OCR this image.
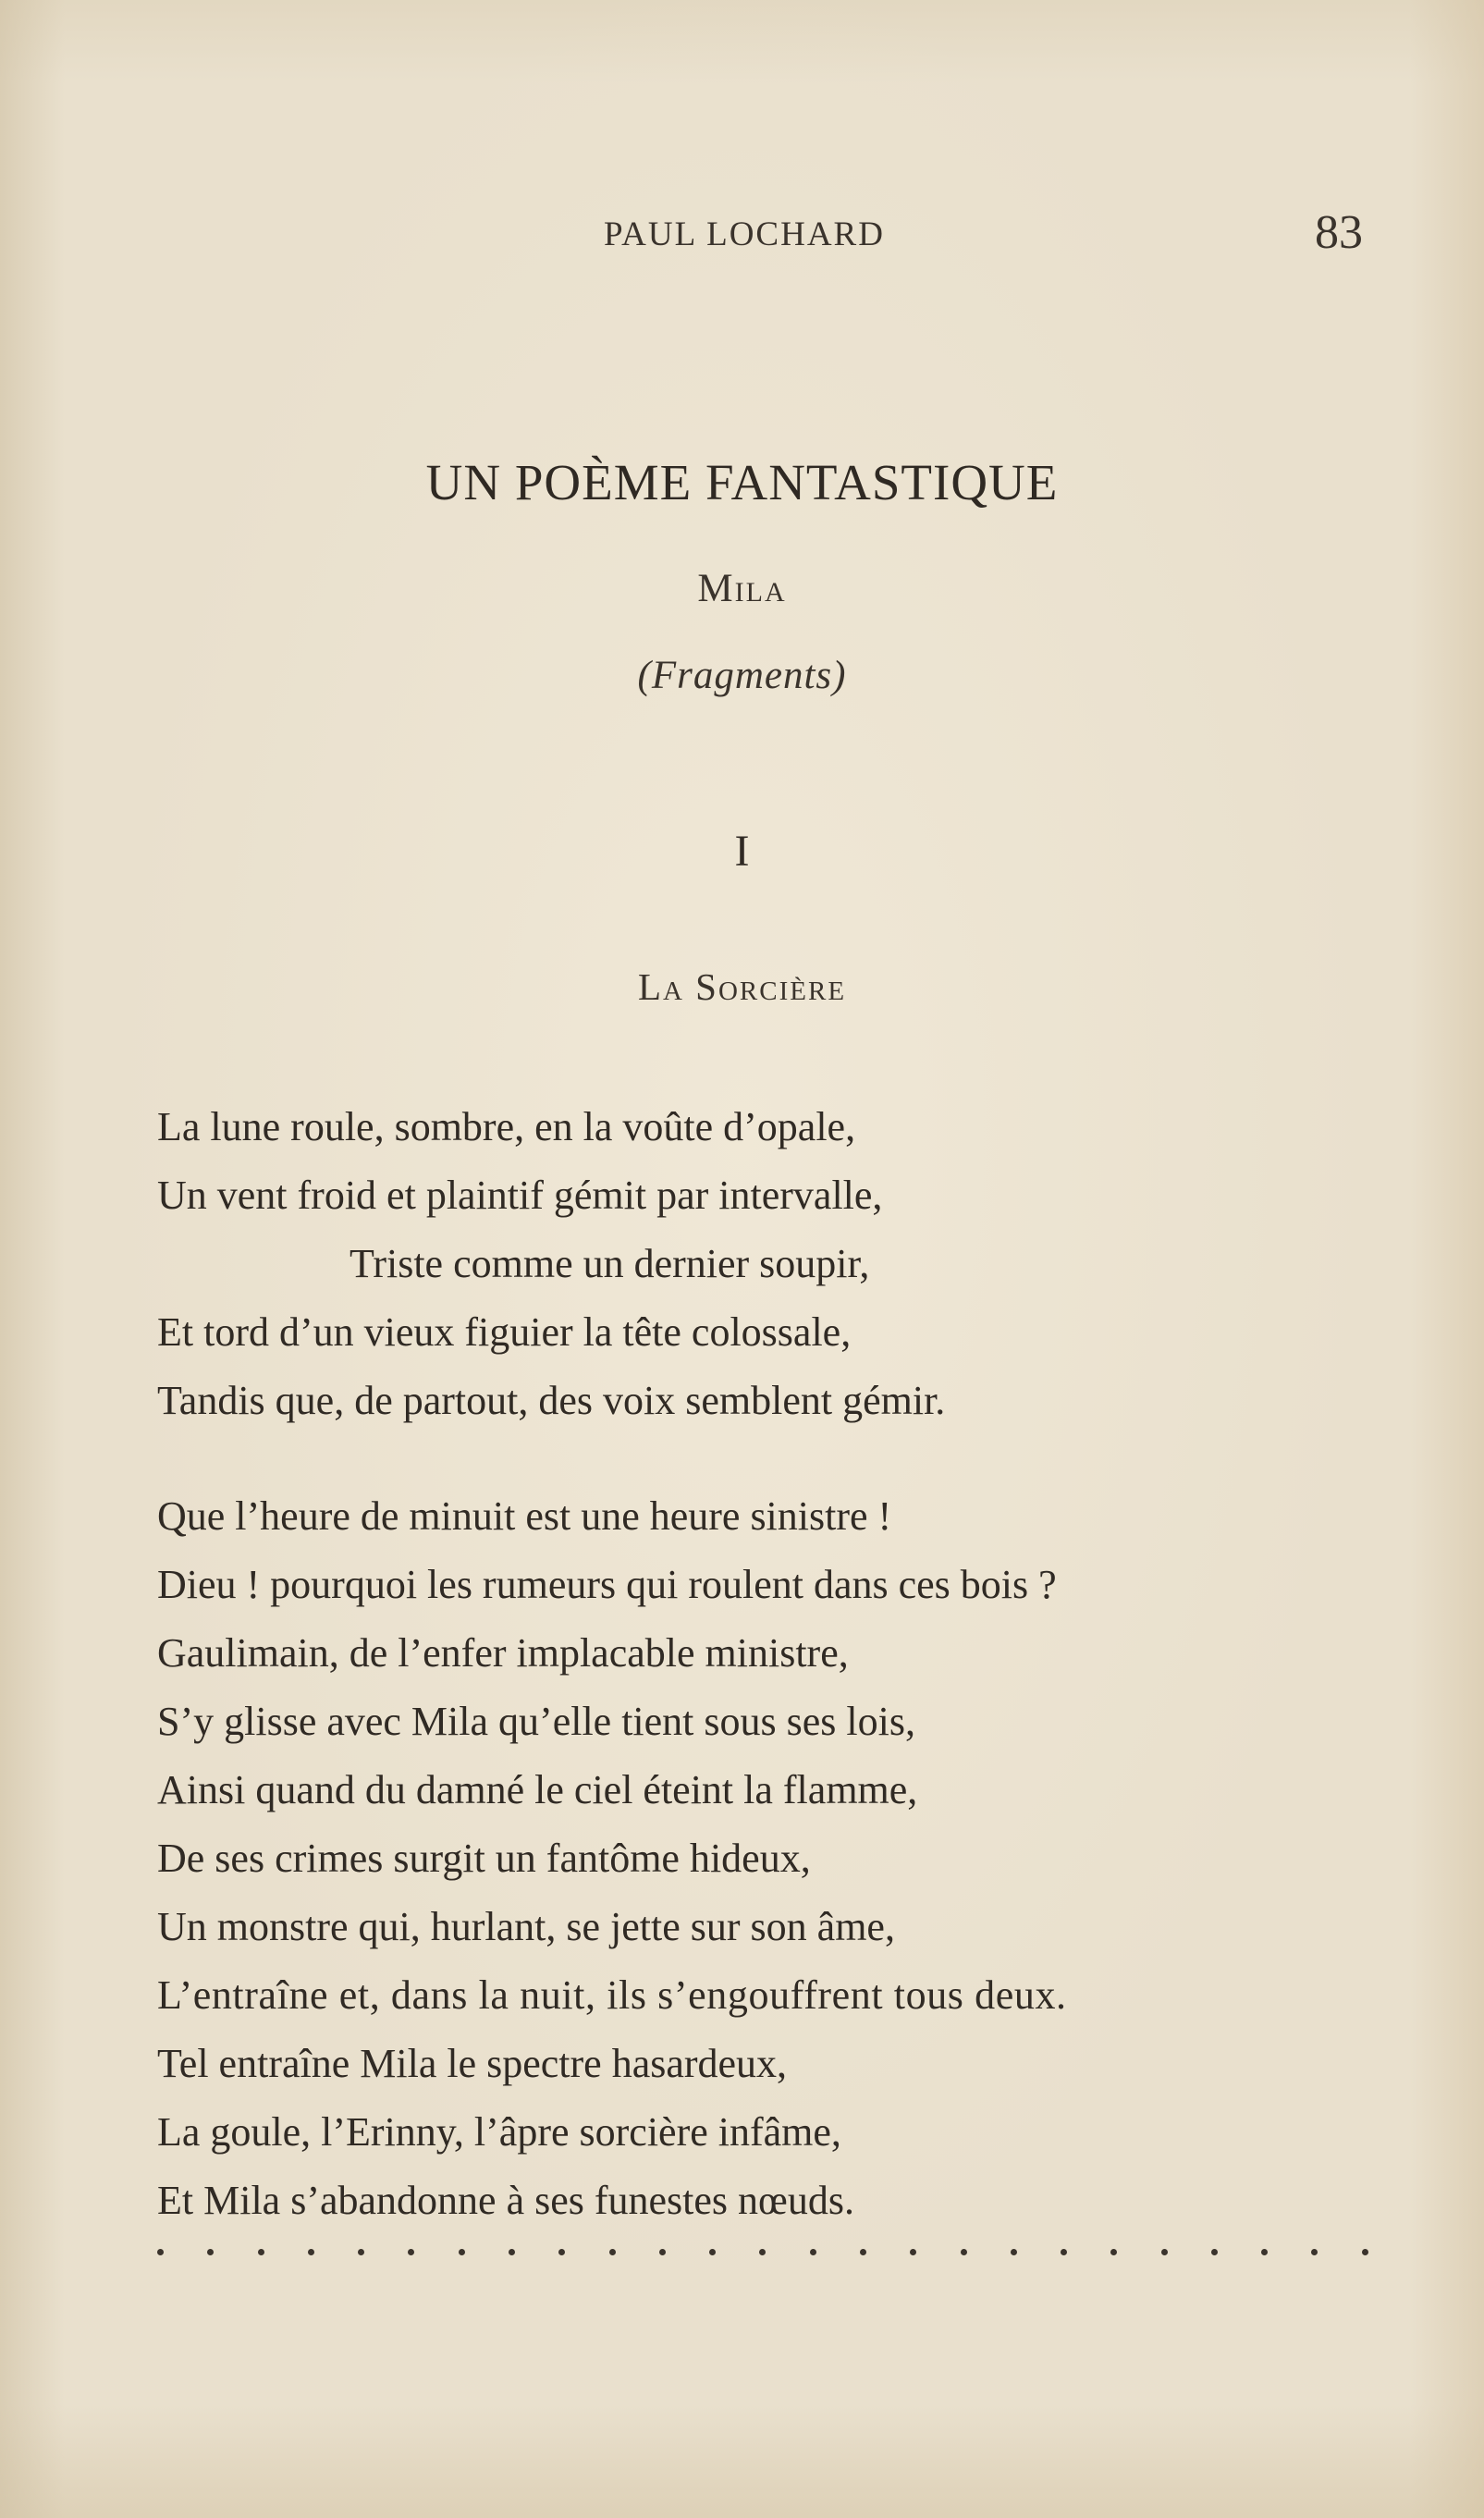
PAUL LOCHARD	83
UN POÈME FANTASTIQUE
Mila
(Fragments)
I
La Sorcière
La lune roule, sombre, en la voûte d’opale,
Un vent froid et plaintif gémit par intervalle,
Triste comme un dernier soupir,
Et tord d’un vieux figuier la tête colossale,
Tandis que, de partout, des voix semblent gémir.
Que l’heure de minuit est une heure sinistre !
Dieu ! pourquoi les rumeurs qui roulent dans ces bois ?
Gaulimain, de l’enfer implacable ministre,
S’y glisse avec Mila qu’elle tient sous ses lois,
Ainsi quand du damné le ciel éteint la flamme,
De ses crimes surgit un fantôme hideux,
Un monstre qui, hurlant, se jette sur son âme,
L’entraîne et, dans la nuit, ils s’engouffrent tous deux.
Tel entraîne Mila le spectre hasardeux,
La goule, l’Erinny, l’âpre sorcière infâme,
Et Mila s’abandonne à ses funestes nœuds.
